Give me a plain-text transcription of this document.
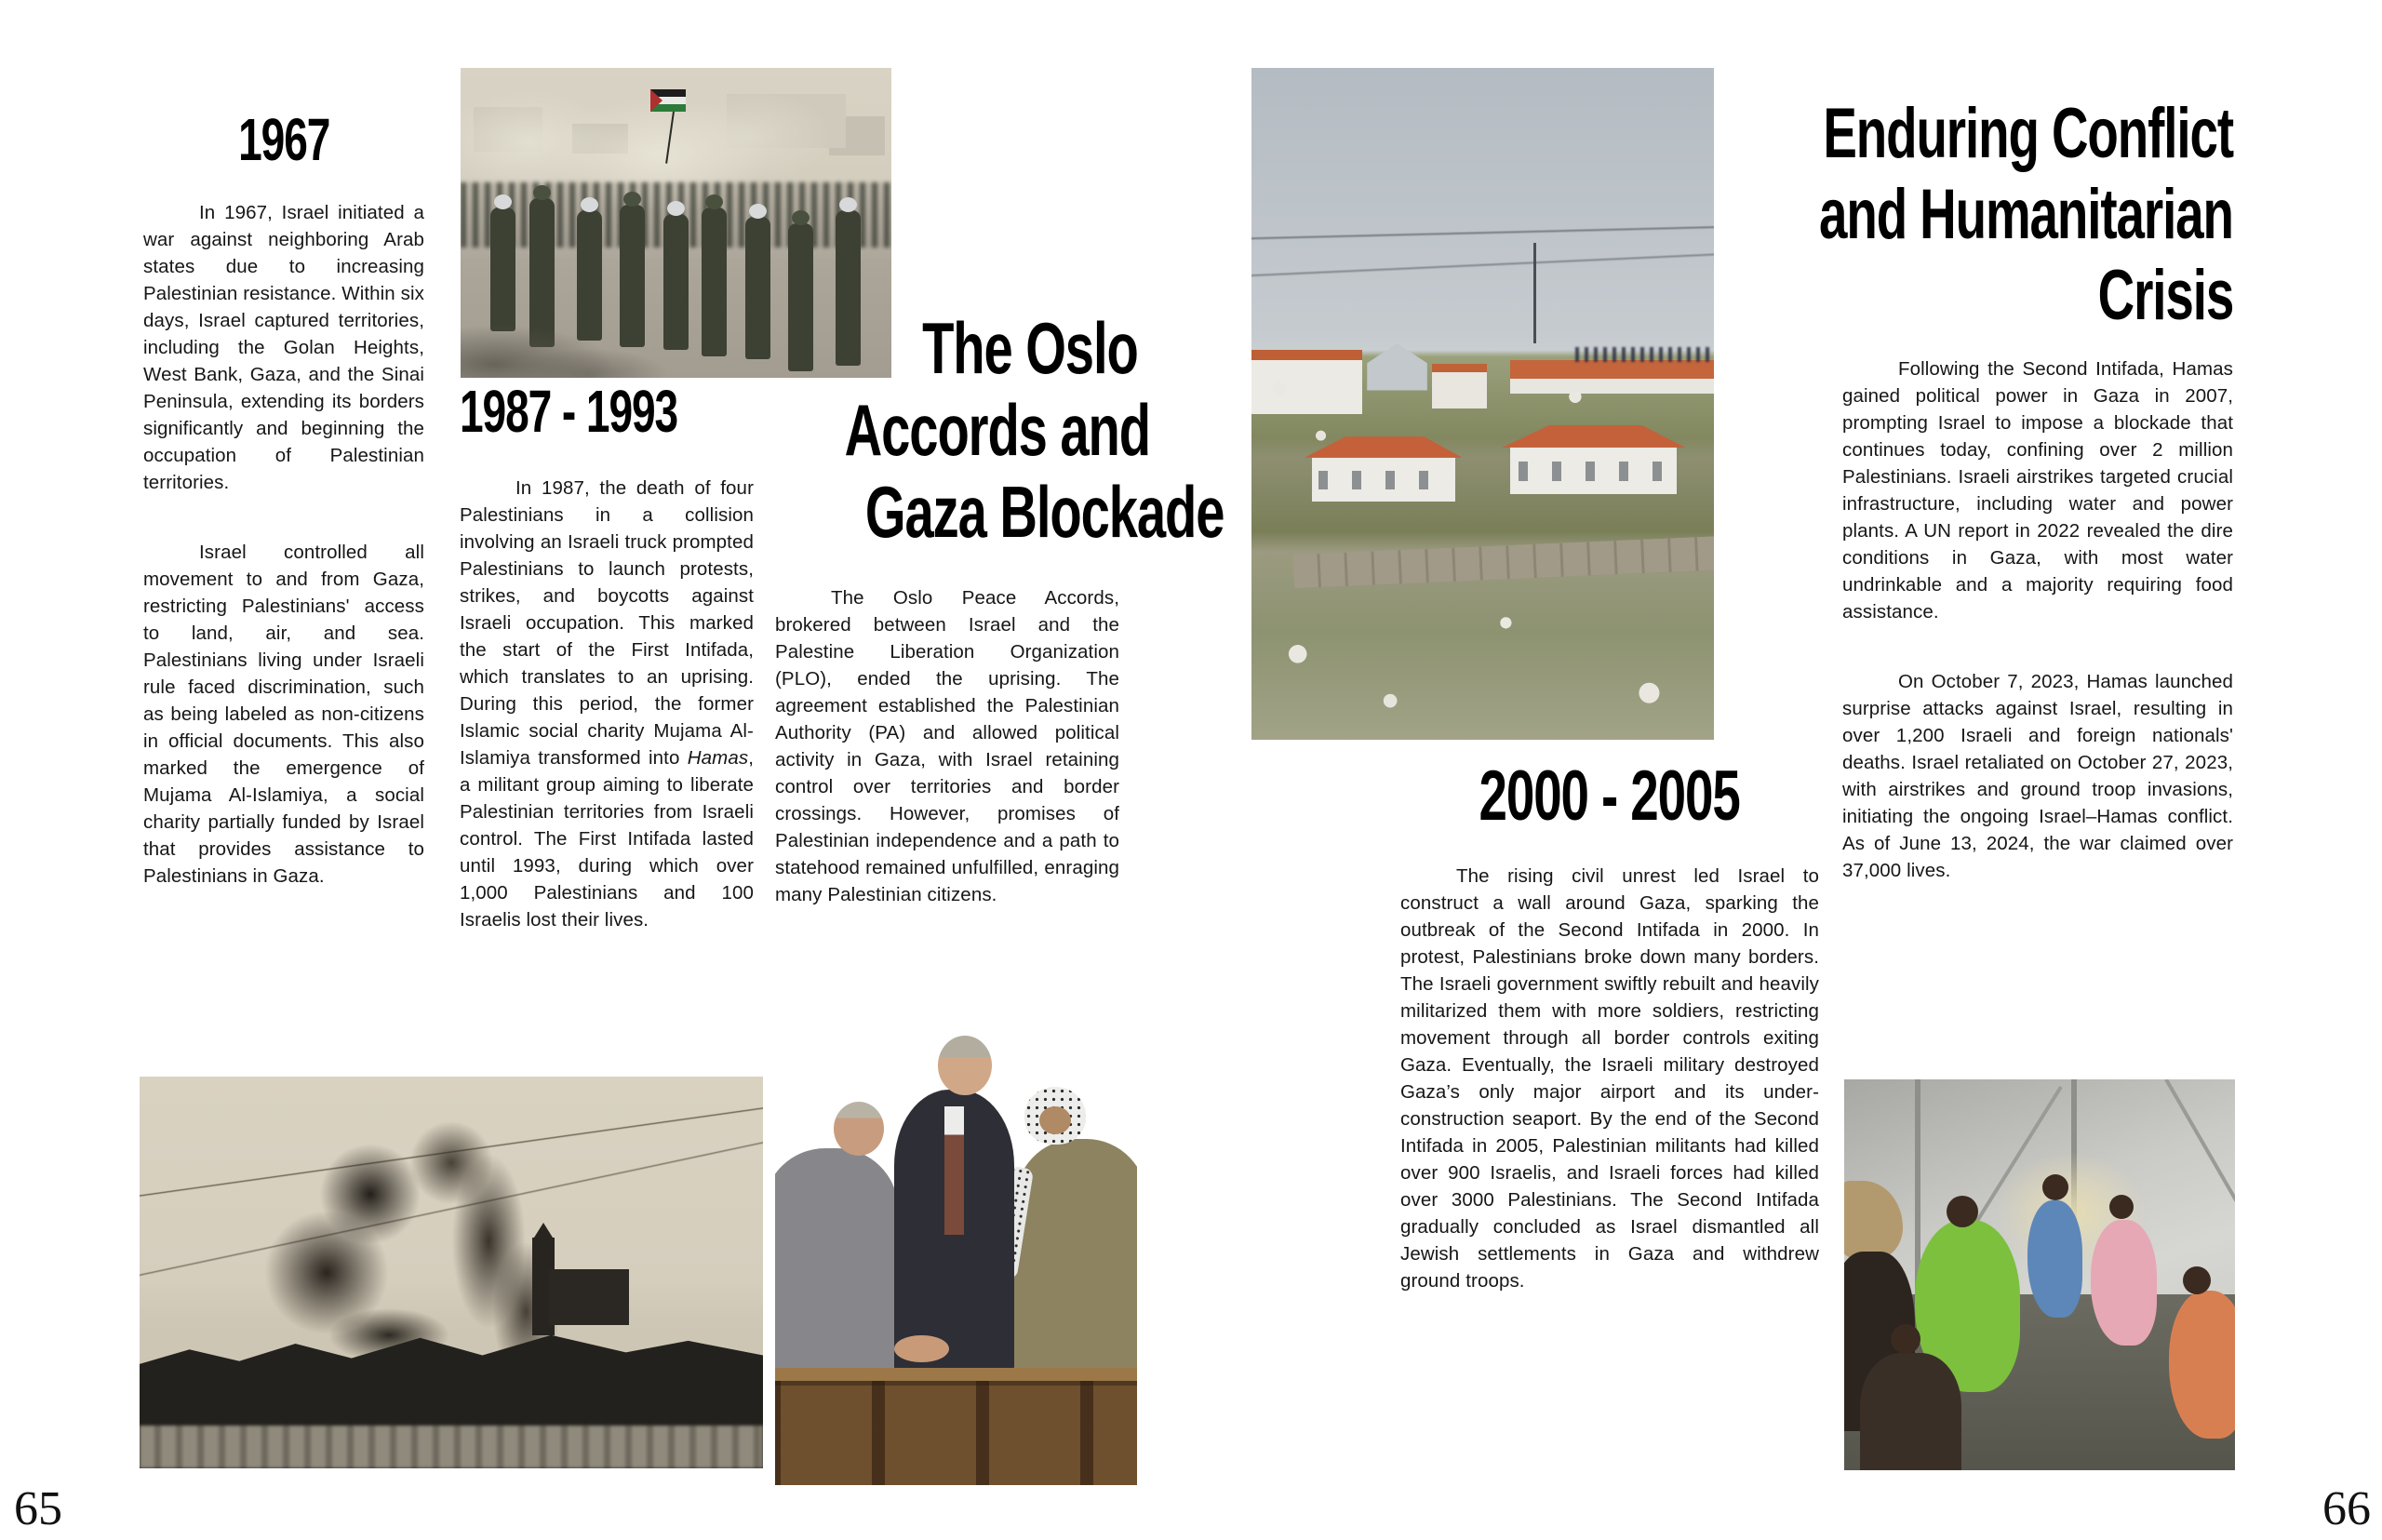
1967

In 1967, Israel initiated a war against neighboring Arab states due to increasing Palestinian resistance. Within six days, Israel captured territories, including the Golan Heights, West Bank, Gaza, and the Sinai Peninsula, extending its borders significantly and beginning the occupation of Palestinian territories.

Israel controlled all movement to and from Gaza, restricting Palestinians' access to land, air, and sea. Palestinians living under Israeli rule faced discrimination, such as being labeled as non-citizens in official documents. This also marked the emergence of Mujama Al-Islamiya, a social charity partially funded by Israel that provides assistance to Palestinians in Gaza.

1987 - 1993

In 1987, the death of four Palestinians in a collision involving an Israeli truck prompted Palestinians to launch protests, strikes, and boycotts against Israeli occupation. This marked the start of the First Intifada, which translates to an uprising. During this period, the former Islamic social charity Mujama Al-Islamiya transformed into Hamas, a militant group aiming to liberate Palestinian territories from Israeli control. The First Intifada lasted until 1993, during which over 1,000 Palestinians and 100 Israelis lost their lives.

The Oslo
Accords and
Gaza Blockade

The Oslo Peace Accords, brokered between Israel and the Palestine Liberation Organization (PLO), ended the uprising. The agreement established the Palestinian Authority (PA) and allowed political activity in Gaza, with Israel retaining control over territories and border crossings. However, promises of Palestinian independence and a path to statehood remained unfulfilled, enraging many Palestinian citizens.

65
2000 - 2005

The rising civil unrest led Israel to construct a wall around Gaza, sparking the outbreak of the Second Intifada in 2000. In protest, Palestinians broke down many borders. The Israeli government swiftly rebuilt and heavily militarized them with more soldiers, restricting movement through all border controls exiting Gaza. Eventually, the Israeli military destroyed Gaza’s only major airport and its under-construction seaport. By the end of the Second Intifada in 2005, Palestinian militants had killed over 900 Israelis, and Israeli forces had killed over 3000 Palestinians. The Second Intifada gradually concluded as Israel dismantled all Jewish settlements in Gaza and withdrew ground troops.

Enduring Conflict
and Humanitarian
Crisis

Following the Second Intifada, Hamas gained political power in Gaza in 2007, prompting Israel to impose a blockade that continues today, confining over 2 million Palestinians. Israeli airstrikes targeted crucial infrastructure, including water and power plants. A UN report in 2022 revealed the dire conditions in Gaza, with most water undrinkable and a majority requiring food assistance.

On October 7, 2023, Hamas launched surprise attacks against Israel, resulting in over 1,200 Israeli and foreign nationals' deaths. Israel retaliated on October 27, 2023, with airstrikes and ground troop invasions, initiating the ongoing Israel–Hamas conflict. As of June 13, 2024, the war claimed over 37,000 lives.

66
